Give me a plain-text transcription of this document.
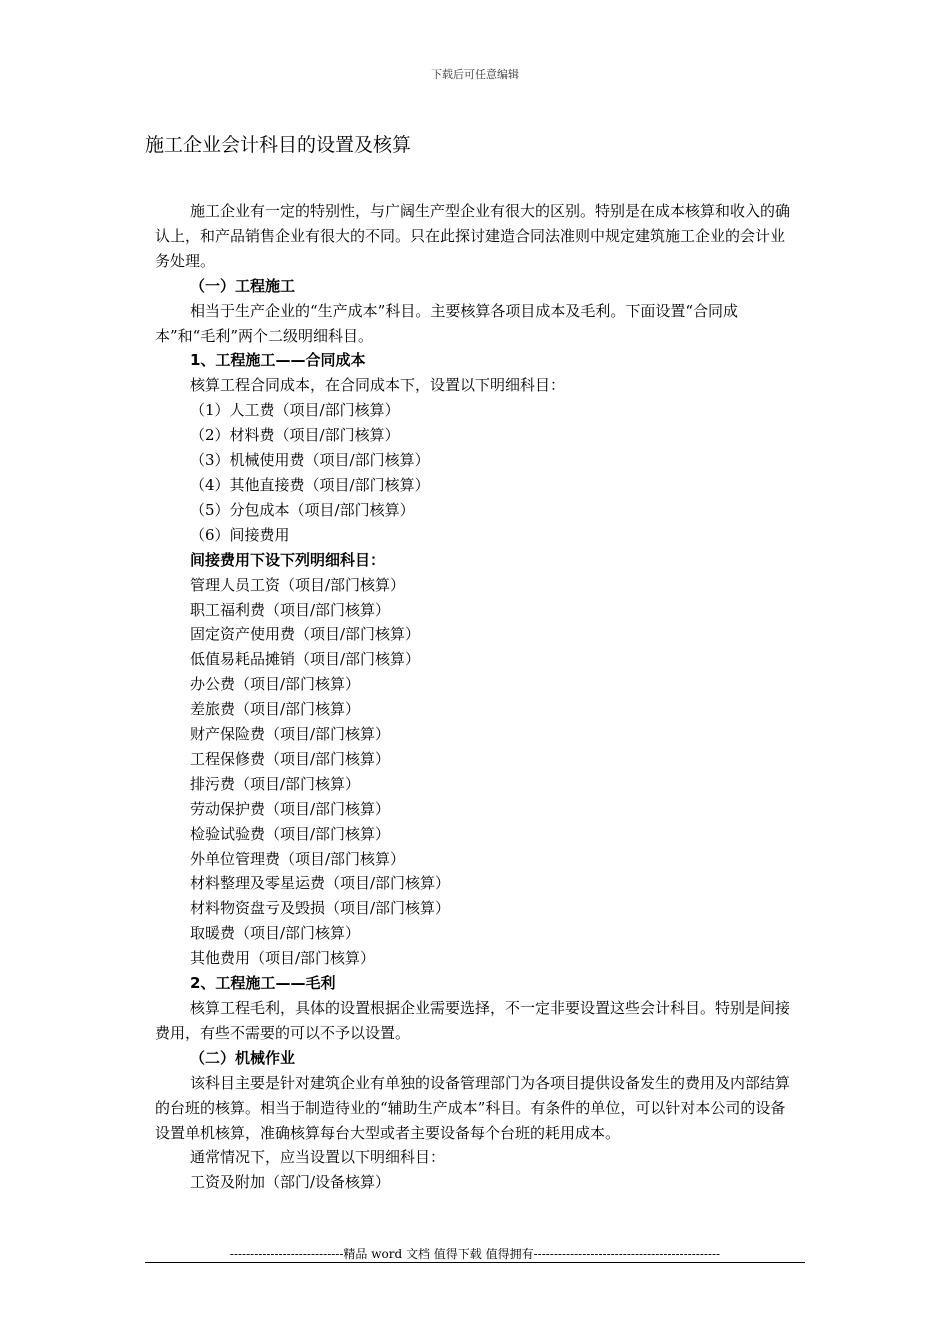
下载后可任意编辑
施工企业会计科目的设置及核算

施工企业有一定的特别性，与广阔生产型企业有很大的区别。特别是在成本核算和收入的确认上，和产品销售企业有很大的不同。只在此探讨建造合同法准则中规定建筑施工企业的会计业务处理。

（一）工程施工

相当于生产企业的“生产成本”科目。主要核算各项目成本及毛利。下面设置“合同成本”和“毛利”两个二级明细科目。

1、工程施工——合同成本

核算工程合同成本，在合同成本下，设置以下明细科目：

（1）人工费（项目/部门核算）

（2）材料费（项目/部门核算）

（3）机械使用费（项目/部门核算）

（4）其他直接费（项目/部门核算）

（5）分包成本（项目/部门核算）

（6）间接费用

间接费用下设下列明细科目：

管理人员工资（项目/部门核算）

职工福利费（项目/部门核算）

固定资产使用费（项目/部门核算）

低值易耗品摊销（项目/部门核算）

办公费（项目/部门核算）

差旅费（项目/部门核算）

财产保险费（项目/部门核算）

工程保修费（项目/部门核算）

排污费（项目/部门核算）

劳动保护费（项目/部门核算）

检验试验费（项目/部门核算）

外单位管理费（项目/部门核算）

材料整理及零星运费（项目/部门核算）

材料物资盘亏及毁损（项目/部门核算）

取暖费（项目/部门核算）

其他费用（项目/部门核算）

2、工程施工——毛利

核算工程毛利，具体的设置根据企业需要选择，不一定非要设置这些会计科目。特别是间接费用，有些不需要的可以不予以设置。

（二）机械作业

该科目主要是针对建筑企业有单独的设备管理部门为各项目提供设备发生的费用及内部结算的台班的核算。相当于制造待业的“辅助生产成本”科目。有条件的单位，可以针对本公司的设备设置单机核算，准确核算每台大型或者主要设备每个台班的耗用成本。

通常情况下，应当设置以下明细科目：

工资及附加（部门/设备核算）

----------------------------精品 word 文档 值得下载 值得拥有----------------------------------------------
